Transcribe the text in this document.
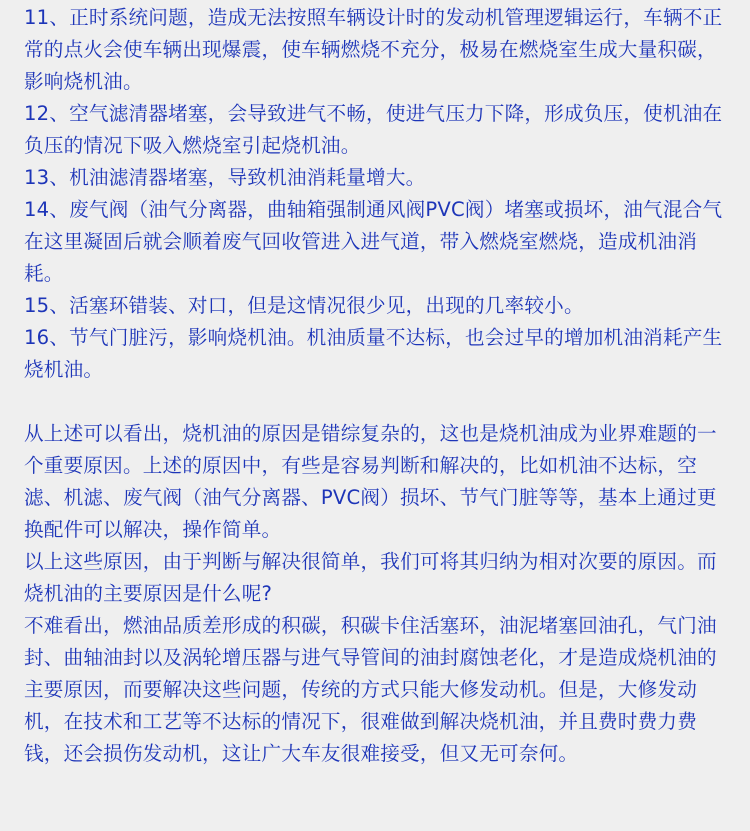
11、正时系统问题，造成无法按照车辆设计时的发动机管理逻辑运行，车辆不正常的点火会使车辆出现爆震，使车辆燃烧不充分，极易在燃烧室生成大量积碳，影响烧机油。

12、空气滤清器堵塞，会导致进气不畅，使进气压力下降，形成负压，使机油在负压的情况下吸入燃烧室引起烧机油。

13、机油滤清器堵塞，导致机油消耗量增大。

14、废气阀（油气分离器，曲轴箱强制通风阀PVC阀）堵塞或损坏，油气混合气在这里凝固后就会顺着废气回收管进入进气道，带入燃烧室燃烧，造成机油消耗。

15、活塞环错装、对口，但是这情况很少见，出现的几率较小。

16、节气门脏污，影响烧机油。机油质量不达标，也会过早的增加机油消耗产生烧机油。

从上述可以看出，烧机油的原因是错综复杂的，这也是烧机油成为业界难题的一个重要原因。上述的原因中，有些是容易判断和解决的，比如机油不达标，空滤、机滤、废气阀（油气分离器、PVC阀）损坏、节气门脏等等，基本上通过更换配件可以解决，操作简单。

以上这些原因，由于判断与解决很简单，我们可将其归纳为相对次要的原因。而烧机油的主要原因是什么呢?

不难看出，燃油品质差形成的积碳，积碳卡住活塞环，油泥堵塞回油孔，气门油封、曲轴油封以及涡轮增压器与进气导管间的油封腐蚀老化，才是造成烧机油的主要原因，而要解决这些问题，传统的方式只能大修发动机。但是，大修发动机，在技术和工艺等不达标的情况下，很难做到解决烧机油，并且费时费力费钱，还会损伤发动机，这让广大车友很难接受，但又无可奈何。
